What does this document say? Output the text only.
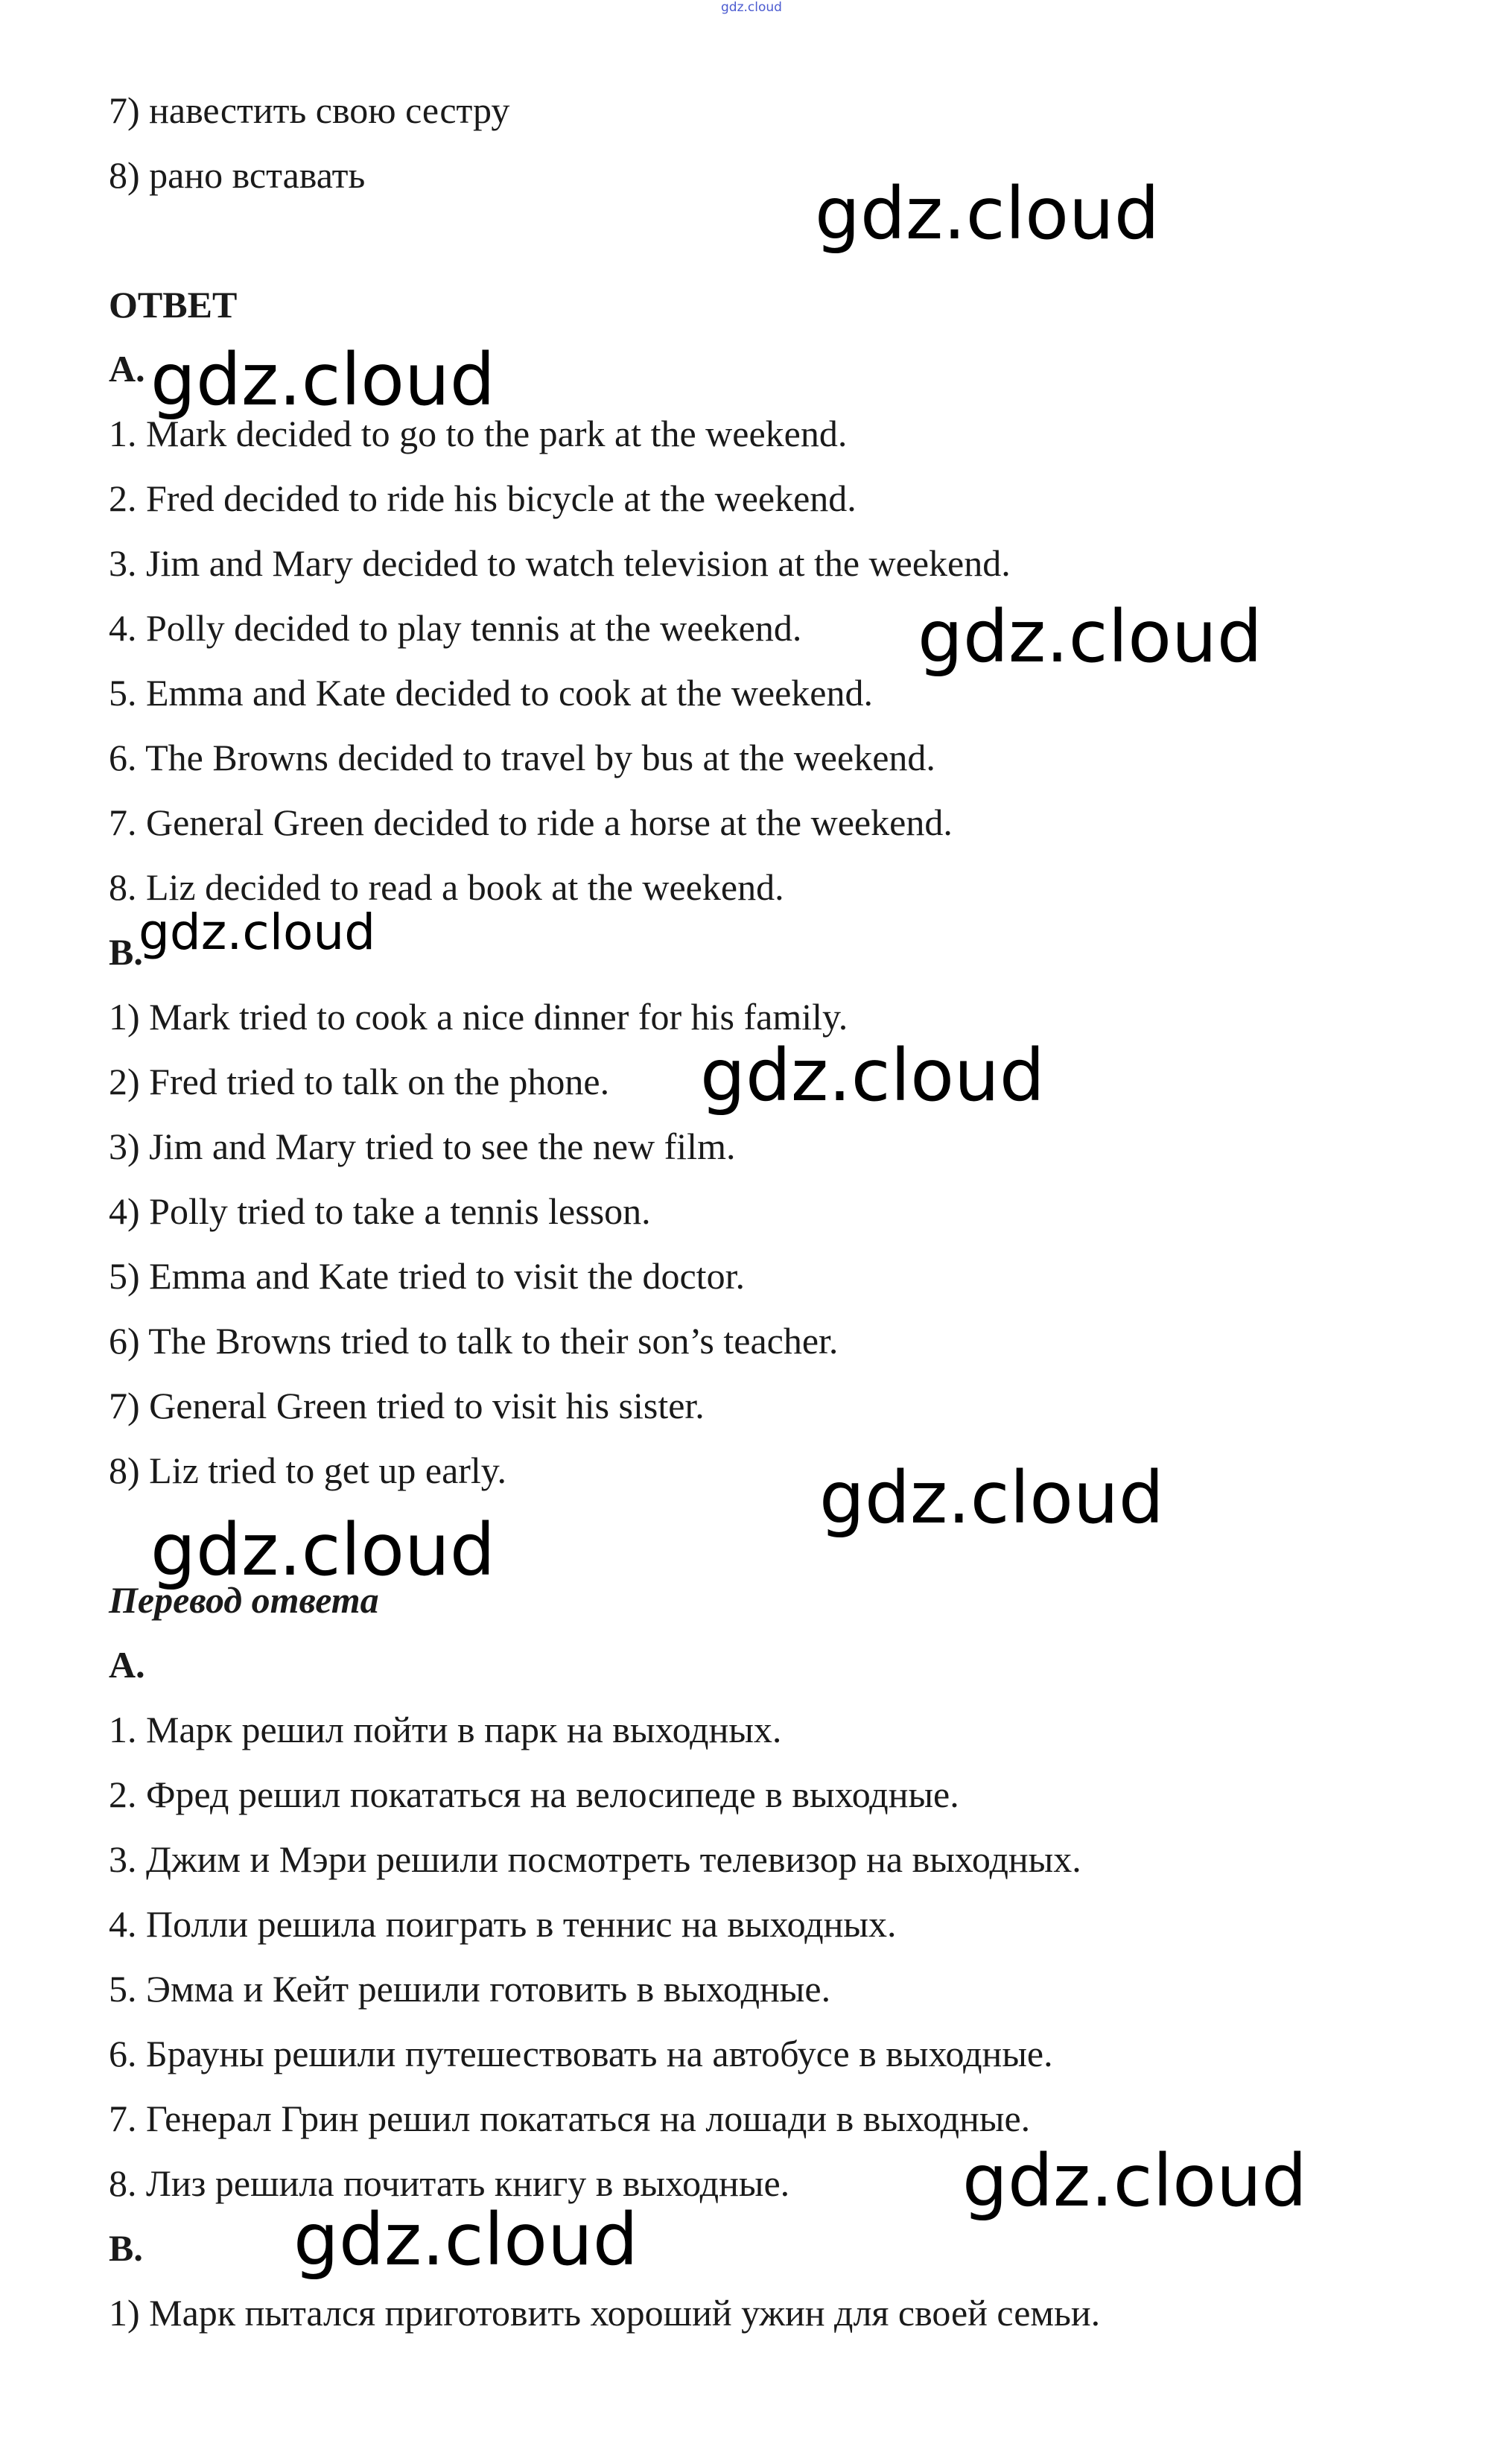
gdz.cloud
7) навестить свою сестру
8) рано вставать
ОТВЕТ
A.
1. Mark decided to go to the park at the weekend.
2. Fred decided to ride his bicycle at the weekend.
3. Jim and Mary decided to watch television at the weekend.
4. Polly decided to play tennis at the weekend.
5. Emma and Kate decided to cook at the weekend.
6. The Browns decided to travel by bus at the weekend.
7. General Green decided to ride a horse at the weekend.
8. Liz decided to read a book at the weekend.
B.
1) Mark tried to cook a nice dinner for his family.
2) Fred tried to talk on the phone.
3) Jim and Mary tried to see the new film.
4) Polly tried to take a tennis lesson.
5) Emma and Kate tried to visit the doctor.
6) The Browns tried to talk to their son’s teacher.
7) General Green tried to visit his sister.
8) Liz tried to get up early.
Перевод ответа
A.
1. Марк решил пойти в парк на выходных.
2. Фред решил покататься на велосипеде в выходные.
3. Джим и Мэри решили посмотреть телевизор на выходных.
4. Полли решила поиграть в теннис на выходных.
5. Эмма и Кейт решили готовить в выходные.
6. Брауны решили путешествовать на автобусе в выходные.
7. Генерал Грин решил покататься на лошади в выходные.
8. Лиз решила почитать книгу в выходные.
B.
1) Марк пытался приготовить хороший ужин для своей семьи.
gdz.cloud
gdz.cloud
gdz.cloud
gdz.cloud
gdz.cloud
gdz.cloud
gdz.cloud
gdz.cloud
gdz.cloud
